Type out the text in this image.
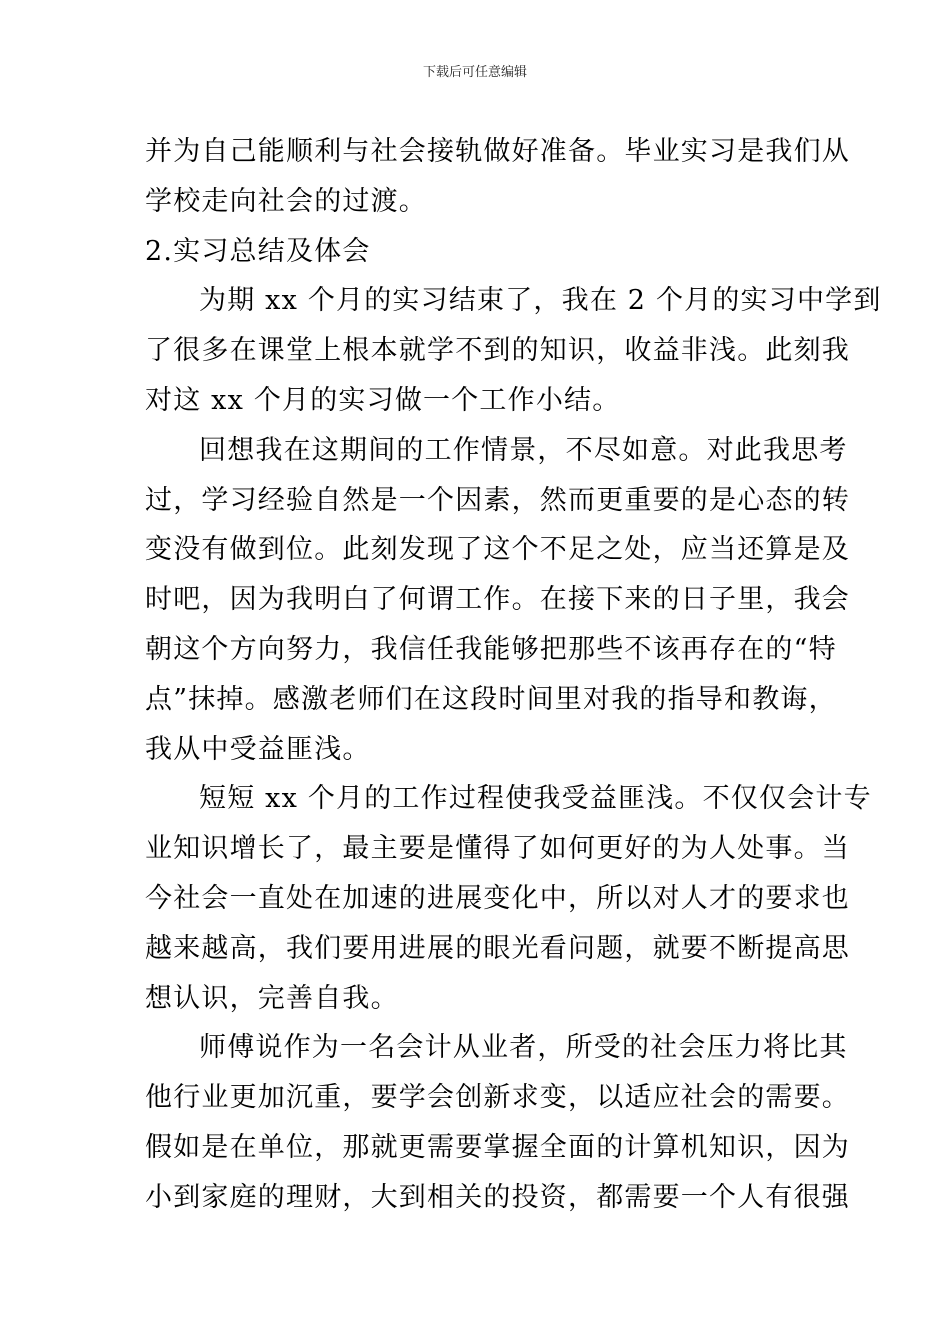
下载后可任意编辑
并为自己能顺利与社会接轨做好准备。毕业实习是我们从
学校走向社会的过渡。
2.实习总结及体会
为期 xx 个月的实习结束了，我在 2 个月的实习中学到
了很多在课堂上根本就学不到的知识，收益非浅。此刻我
对这 xx 个月的实习做一个工作小结。
回想我在这期间的工作情景，不尽如意。对此我思考
过，学习经验自然是一个因素，然而更重要的是心态的转
变没有做到位。此刻发现了这个不足之处，应当还算是及
时吧，因为我明白了何谓工作。在接下来的日子里，我会
朝这个方向努力，我信任我能够把那些不该再存在的“特
点”抹掉。感激老师们在这段时间里对我的指导和教诲，
我从中受益匪浅。
短短 xx 个月的工作过程使我受益匪浅。不仅仅会计专
业知识增长了，最主要是懂得了如何更好的为人处事。当
今社会一直处在加速的进展变化中，所以对人才的要求也
越来越高，我们要用进展的眼光看问题，就要不断提高思
想认识，完善自我。
师傅说作为一名会计从业者，所受的社会压力将比其
他行业更加沉重，要学会创新求变，以适应社会的需要。
假如是在单位，那就更需要掌握全面的计算机知识，因为
小到家庭的理财，大到相关的投资，都需要一个人有很强
